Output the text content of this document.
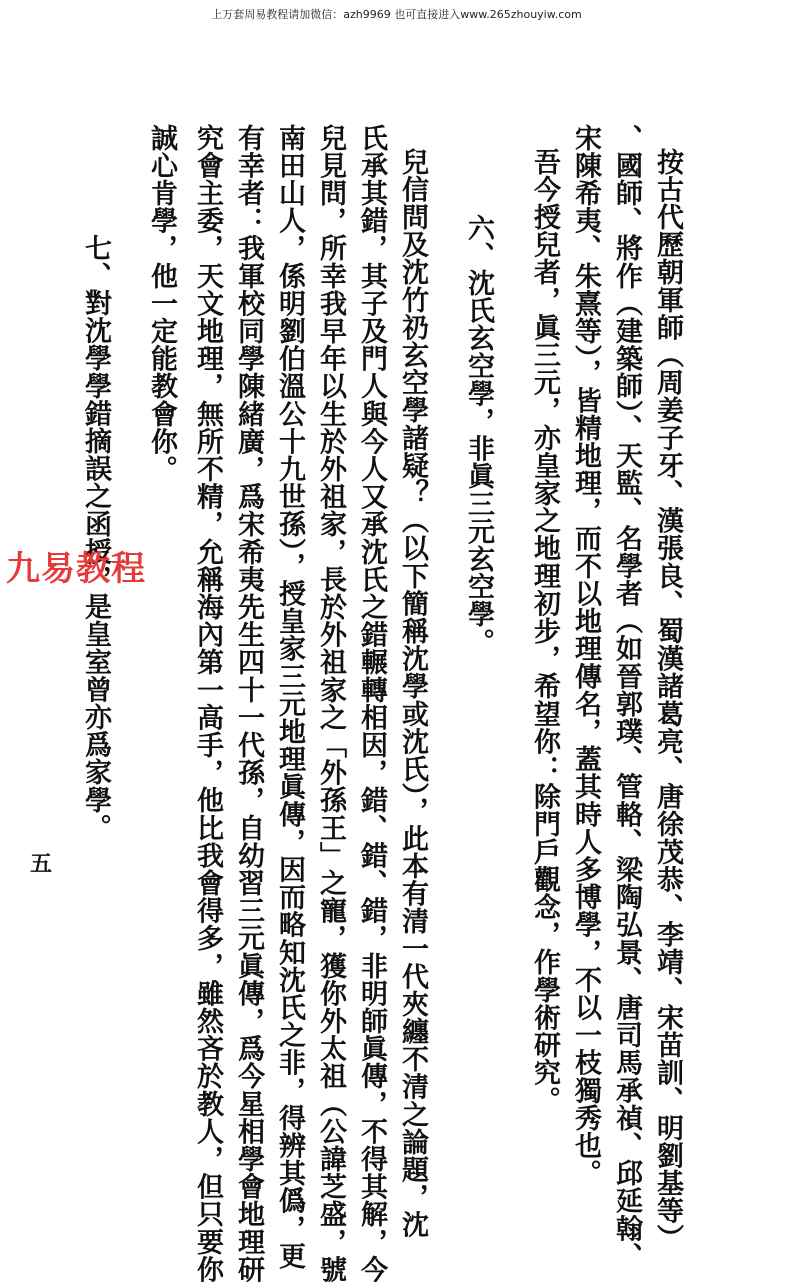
上万套周易教程请加微信：azh9969 也可直接进入www.265zhouyiw.com
按古代歷朝軍師（周姜子牙、漢張良、蜀漢諸葛亮、唐徐茂恭、李靖、宋苗訓、明劉基等）
、國師、將作（建築師）、天監、名學者（如晉郭璞、管輅、梁陶弘景、唐司馬承禎、邱延翰、
宋陳希夷、朱熹等），皆精地理，而不以地理傳名，蓋其時人多博學，不以一枝獨秀也。
吾今授兒者，眞三元，亦皇家之地理初步，希望你：除門戶觀念，作學術研究。
六、沈氏玄空學，非眞三元玄空學。
兒信問及沈竹礽玄空學諸疑？（以下簡稱沈學或沈氏），此本有清一代夾纏不清之論題，沈
氏承其錯，其子及門人與今人又承沈氏之錯輾轉相因，錯、錯、錯，非明師眞傳，不得其解，今
兒見問，所幸我早年以生於外祖家，長於外祖家之「外孫王」之寵，獲你外太祖（公諱芝盛，號
南田山人，係明劉伯溫公十九世孫），授皇家三元地理眞傳，因而略知沈氏之非，得辨其僞，更
有幸者：我軍校同學陳緒廣，爲宋希夷先生四十一代孫，自幼習三元眞傳，爲今星相學會地理研
究會主委，天文地理，無所不精，允稱海內第一高手，他比我會得多，雖然吝於教人，但只要你
誠心肯學，他一定能教會你。
七、對沈學學錯摘誤之函授，是皇室曾亦爲家學。
九易教程
五
